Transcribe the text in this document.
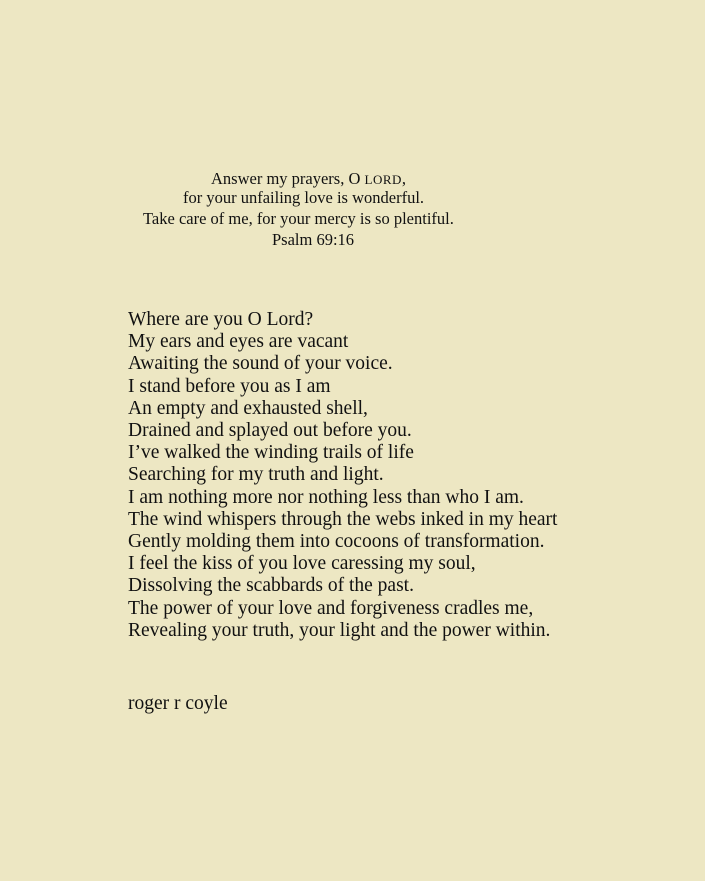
Answer my prayers, O LORD,
for your unfailing love is wonderful.
Take care of me, for your mercy is so plentiful.
Psalm 69:16
Where are you O Lord?
My ears and eyes are vacant
Awaiting the sound of your voice.
I stand before you as I am
An empty and exhausted shell,
Drained and splayed out before you.
I’ve walked the winding trails of life
Searching for my truth and light.
I am nothing more nor nothing less than who I am.
The wind whispers through the webs inked in my heart
Gently molding them into cocoons of transformation.
I feel the kiss of you love caressing my soul,
Dissolving the scabbards of the past.
The power of your love and forgiveness cradles me,
Revealing your truth, your light and the power within.
roger r coyle
